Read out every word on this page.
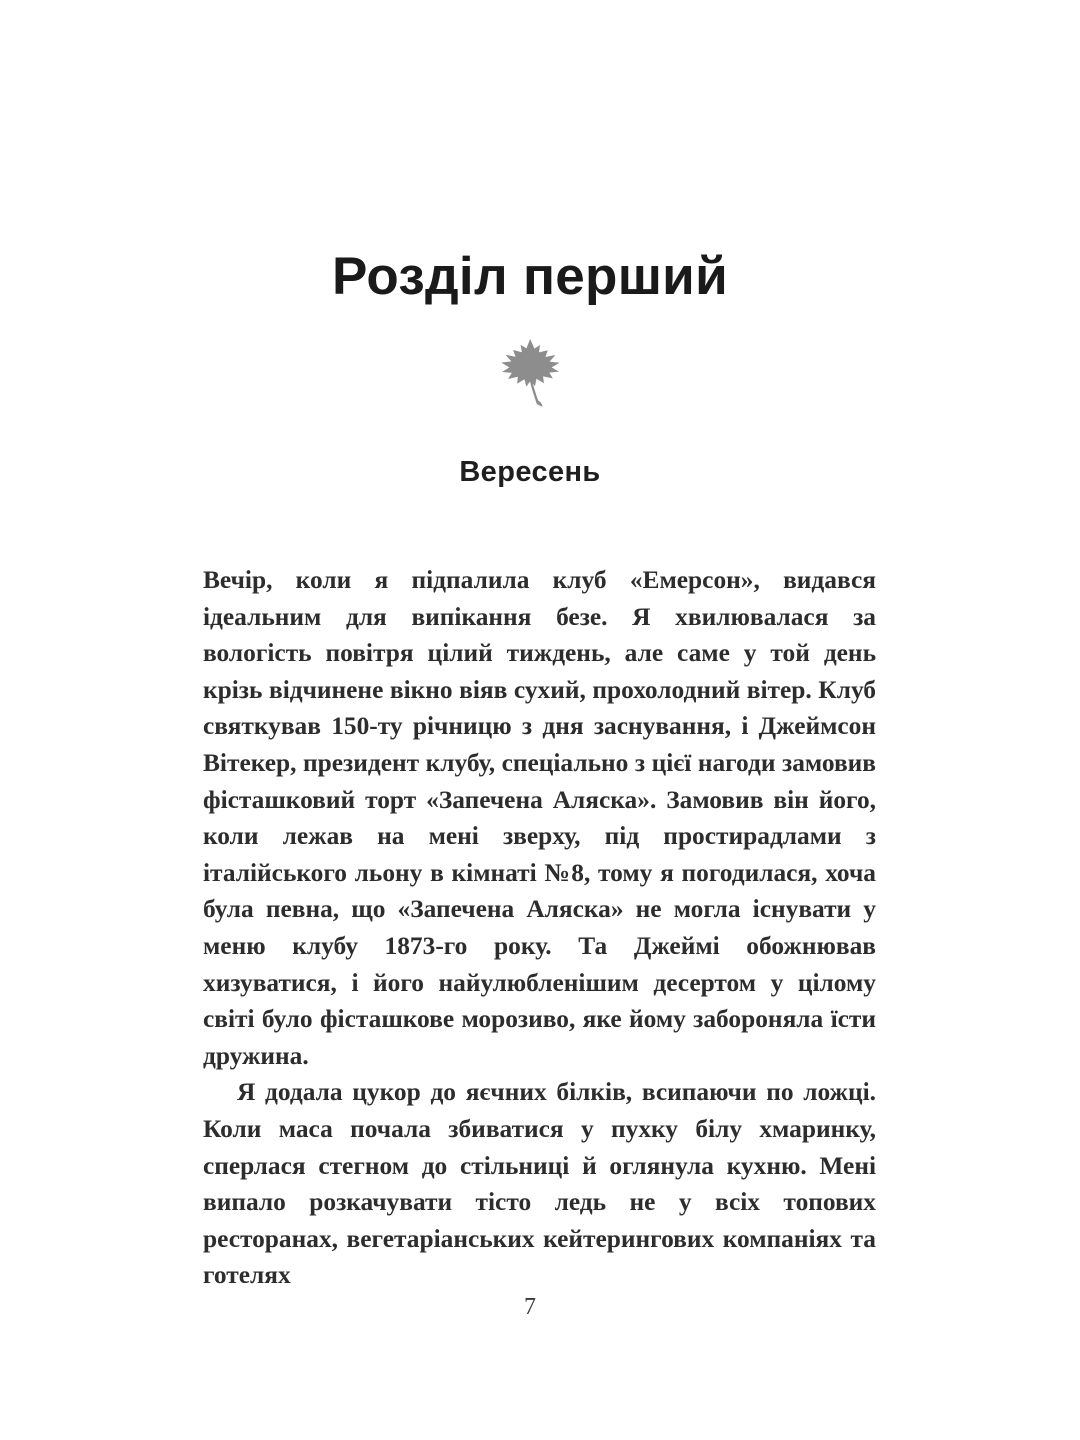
Розділ перший
Вересень

Вечір, коли я підпалила клуб «Емерсон», видався ідеальним для випікання безе. Я хвилювалася за вологість повітря цілий тиждень, але саме у той день крізь відчинене вікно віяв сухий, прохолодний вітер. Клуб святкував 150-ту річницю з дня заснування, і Джеймсон Вітекер, президент клубу, спеціально з цієї нагоди замовив фісташковий торт «Запечена Аляска». Замовив він його, коли лежав на мені зверху, під простирадлами з італійського льону в кімнаті №8, тому я погодилася, хоча була певна, що «Запечена Аляска» не могла існувати у меню клубу 1873-го року. Та Джеймі обожнював хизуватися, і його найулюбленішим десертом у цілому світі було фісташкове морозиво, яке йому забороняла їсти дружина.

Я додала цукор до яєчних білків, всипаючи по ложці. Коли маса почала збиватися у пухку білу хмаринку, сперлася стегном до стільниці й оглянула кухню. Мені випало розкачувати тісто ледь не у всіх топових ресторанах, вегетаріанських кейтерингових компаніях та готелях

7
